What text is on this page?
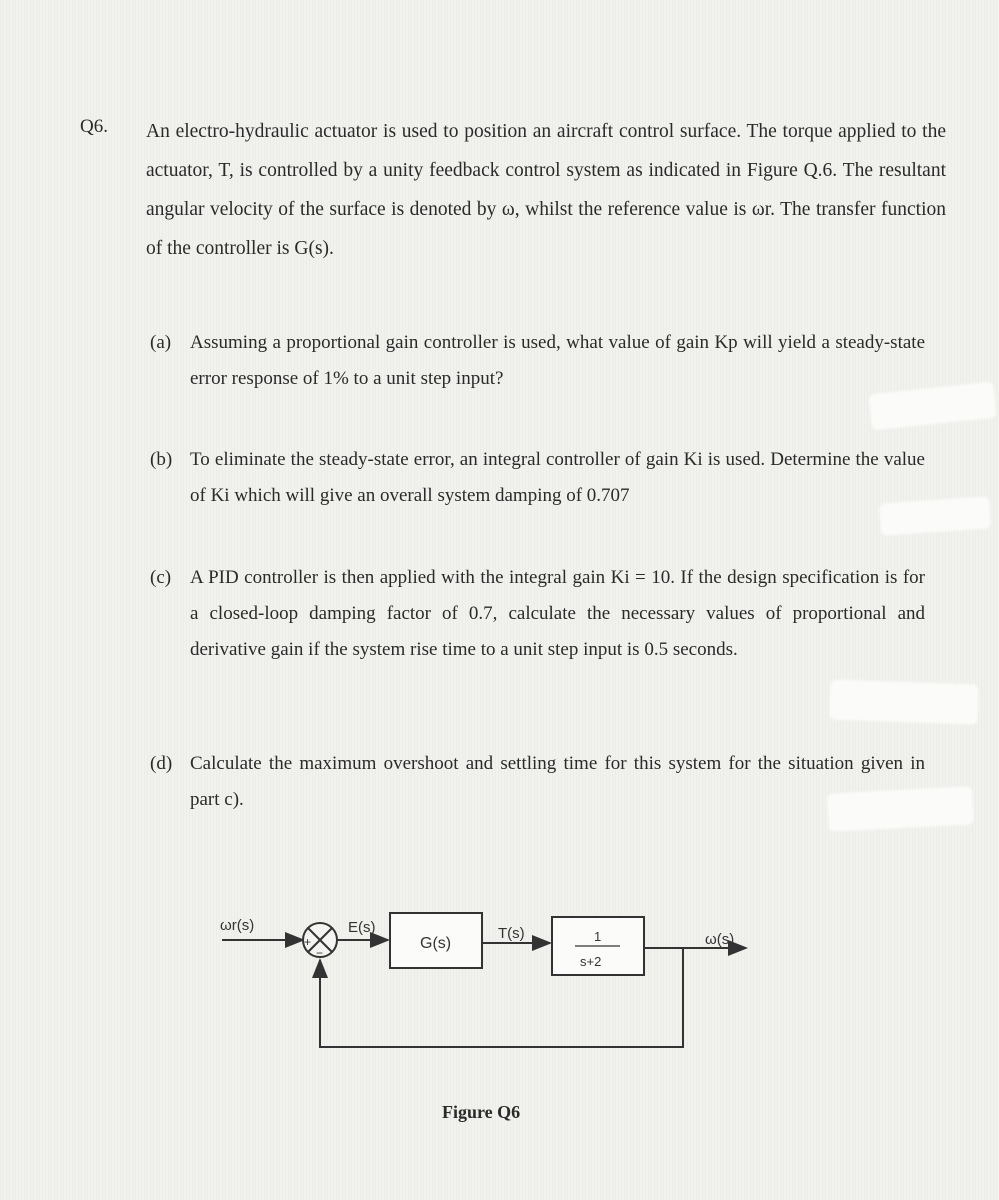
Q6. An electro-hydraulic actuator is used to position an aircraft control surface. The torque applied to the actuator, T, is controlled by a unity feedback control system as indicated in Figure Q.6. The resultant angular velocity of the surface is denoted by ω, whilst the reference value is ωr. The transfer function of the controller is G(s).
(a) Assuming a proportional gain controller is used, what value of gain Kp will yield a steady-state error response of 1% to a unit step input?
(b) To eliminate the steady-state error, an integral controller of gain Ki is used. Determine the value of Ki which will give an overall system damping of 0.707
(c) A PID controller is then applied with the integral gain Ki = 10. If the design specification is for a closed-loop damping factor of 0.7, calculate the necessary values of proportional and derivative gain if the system rise time to a unit step input is 0.5 seconds.
(d) Calculate the maximum overshoot and settling time for this system for the situation given in part c).
ωr(s)
+
−
E(s)
G(s)
T(s)	1
s+2
ω(s)
Figure Q6
